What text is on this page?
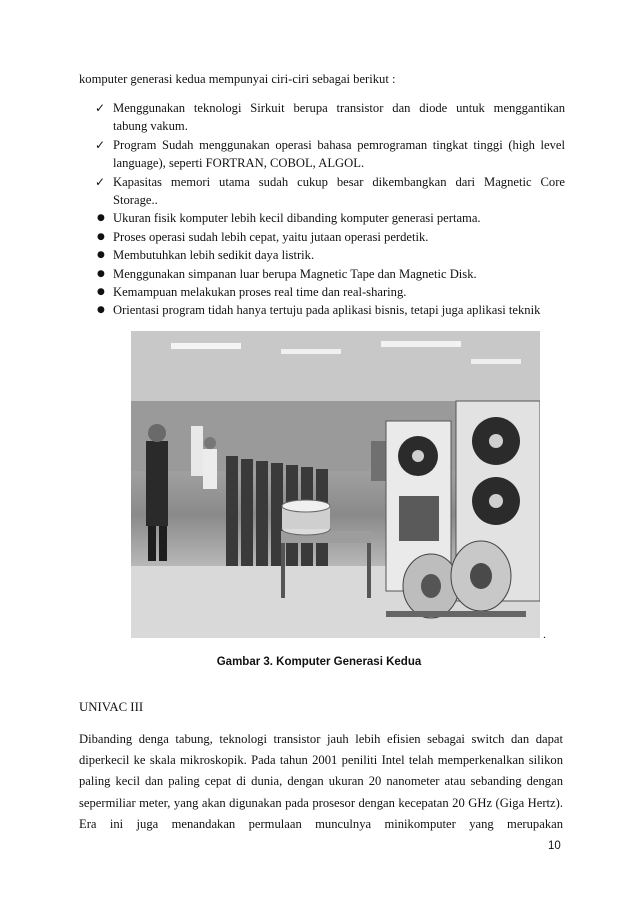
komputer generasi kedua mempunyai ciri-ciri sebagai berikut :
✓ Menggunakan teknologi Sirkuit berupa transistor dan diode untuk menggantikan
tabung vakum.
✓ Program Sudah menggunakan operasi bahasa pemrograman tingkat tinggi (high level
language), seperti FORTRAN, COBOL, ALGOL.
✓ Kapasitas memori utama sudah cukup besar dikembangkan dari Magnetic Core
Storage..
● Ukuran fisik komputer lebih kecil dibanding komputer generasi pertama.
● Proses operasi sudah lebih cepat, yaitu jutaan operasi perdetik.
● Membutuhkan lebih sedikit daya listrik.
● Menggunakan simpanan luar berupa Magnetic Tape dan Magnetic Disk.
● Kemampuan melakukan proses real time dan real-sharing.
● Orientasi program tidah hanya tertuju pada aplikasi bisnis, tetapi juga aplikasi teknik
.
Gambar 3. Komputer Generasi Kedua
UNIVAC III

Dibanding denga tabung, teknologi transistor jauh lebih efisien sebagai switch dan dapat diperkecil ke skala mikroskopik. Pada tahun 2001 peniliti Intel telah memperkenalkan silikon paling kecil dan paling cepat di dunia, dengan ukuran 20 nanometer atau sebanding dengan sepermiliar meter, yang akan digunakan pada prosesor dengan kecepatan 20 GHz (Giga Hertz). Era ini juga menandakan permulaan munculnya minikomputer yang merupakan

10
